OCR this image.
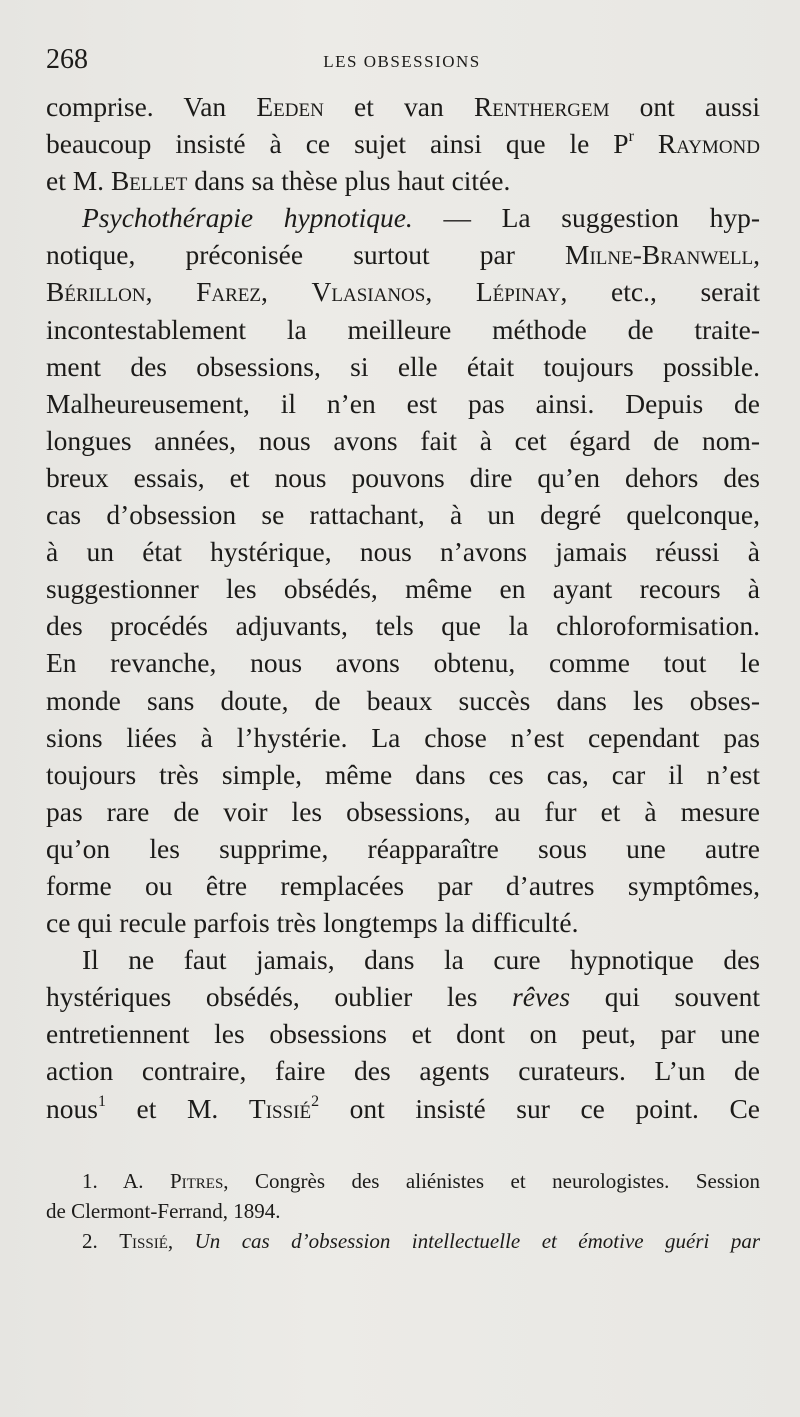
268	LES OBSESSIONS
comprise. Van Eeden et van Renthergem ont aussi
beaucoup insisté à ce sujet ainsi que le P$^r$ Raymond
et M. Bellet dans sa thèse plus haut citée.
Psychothérapie hypnotique. — La suggestion hyp-
notique, préconisée surtout par Milne-Branwell,
Bérillon, Farez, Vlasianos, Lépinay, etc., serait
incontestablement la meilleure méthode de traite-
ment des obsessions, si elle était toujours possible.
Malheureusement, il n’en est pas ainsi. Depuis de
longues années, nous avons fait à cet égard de nom-
breux essais, et nous pouvons dire qu’en dehors des
cas d’obsession se rattachant, à un degré quelconque,
à un état hystérique, nous n’avons jamais réussi à
suggestionner les obsédés, même en ayant recours à
des procédés adjuvants, tels que la chloroformisation.
En revanche, nous avons obtenu, comme tout le
monde sans doute, de beaux succès dans les obses-
sions liées à l’hystérie. La chose n’est cependant pas
toujours très simple, même dans ces cas, car il n’est
pas rare de voir les obsessions, au fur et à mesure
qu’on les supprime, réapparaître sous une autre
forme ou être remplacées par d’autres symptômes,
ce qui recule parfois très longtemps la difficulté.
Il ne faut jamais, dans la cure hypnotique des
hystériques obsédés, oublier les rêves qui souvent
entretiennent les obsessions et dont on peut, par une
action contraire, faire des agents curateurs. L’un de
nous$^1$ et M. Tissié$^2$ ont insisté sur ce point. Ce
1. A. Pitres, Congrès des aliénistes et neurologistes. Session
de Clermont-Ferrand, 1894.
2. Tissié, Un cas d’obsession intellectuelle et émotive guéri par
